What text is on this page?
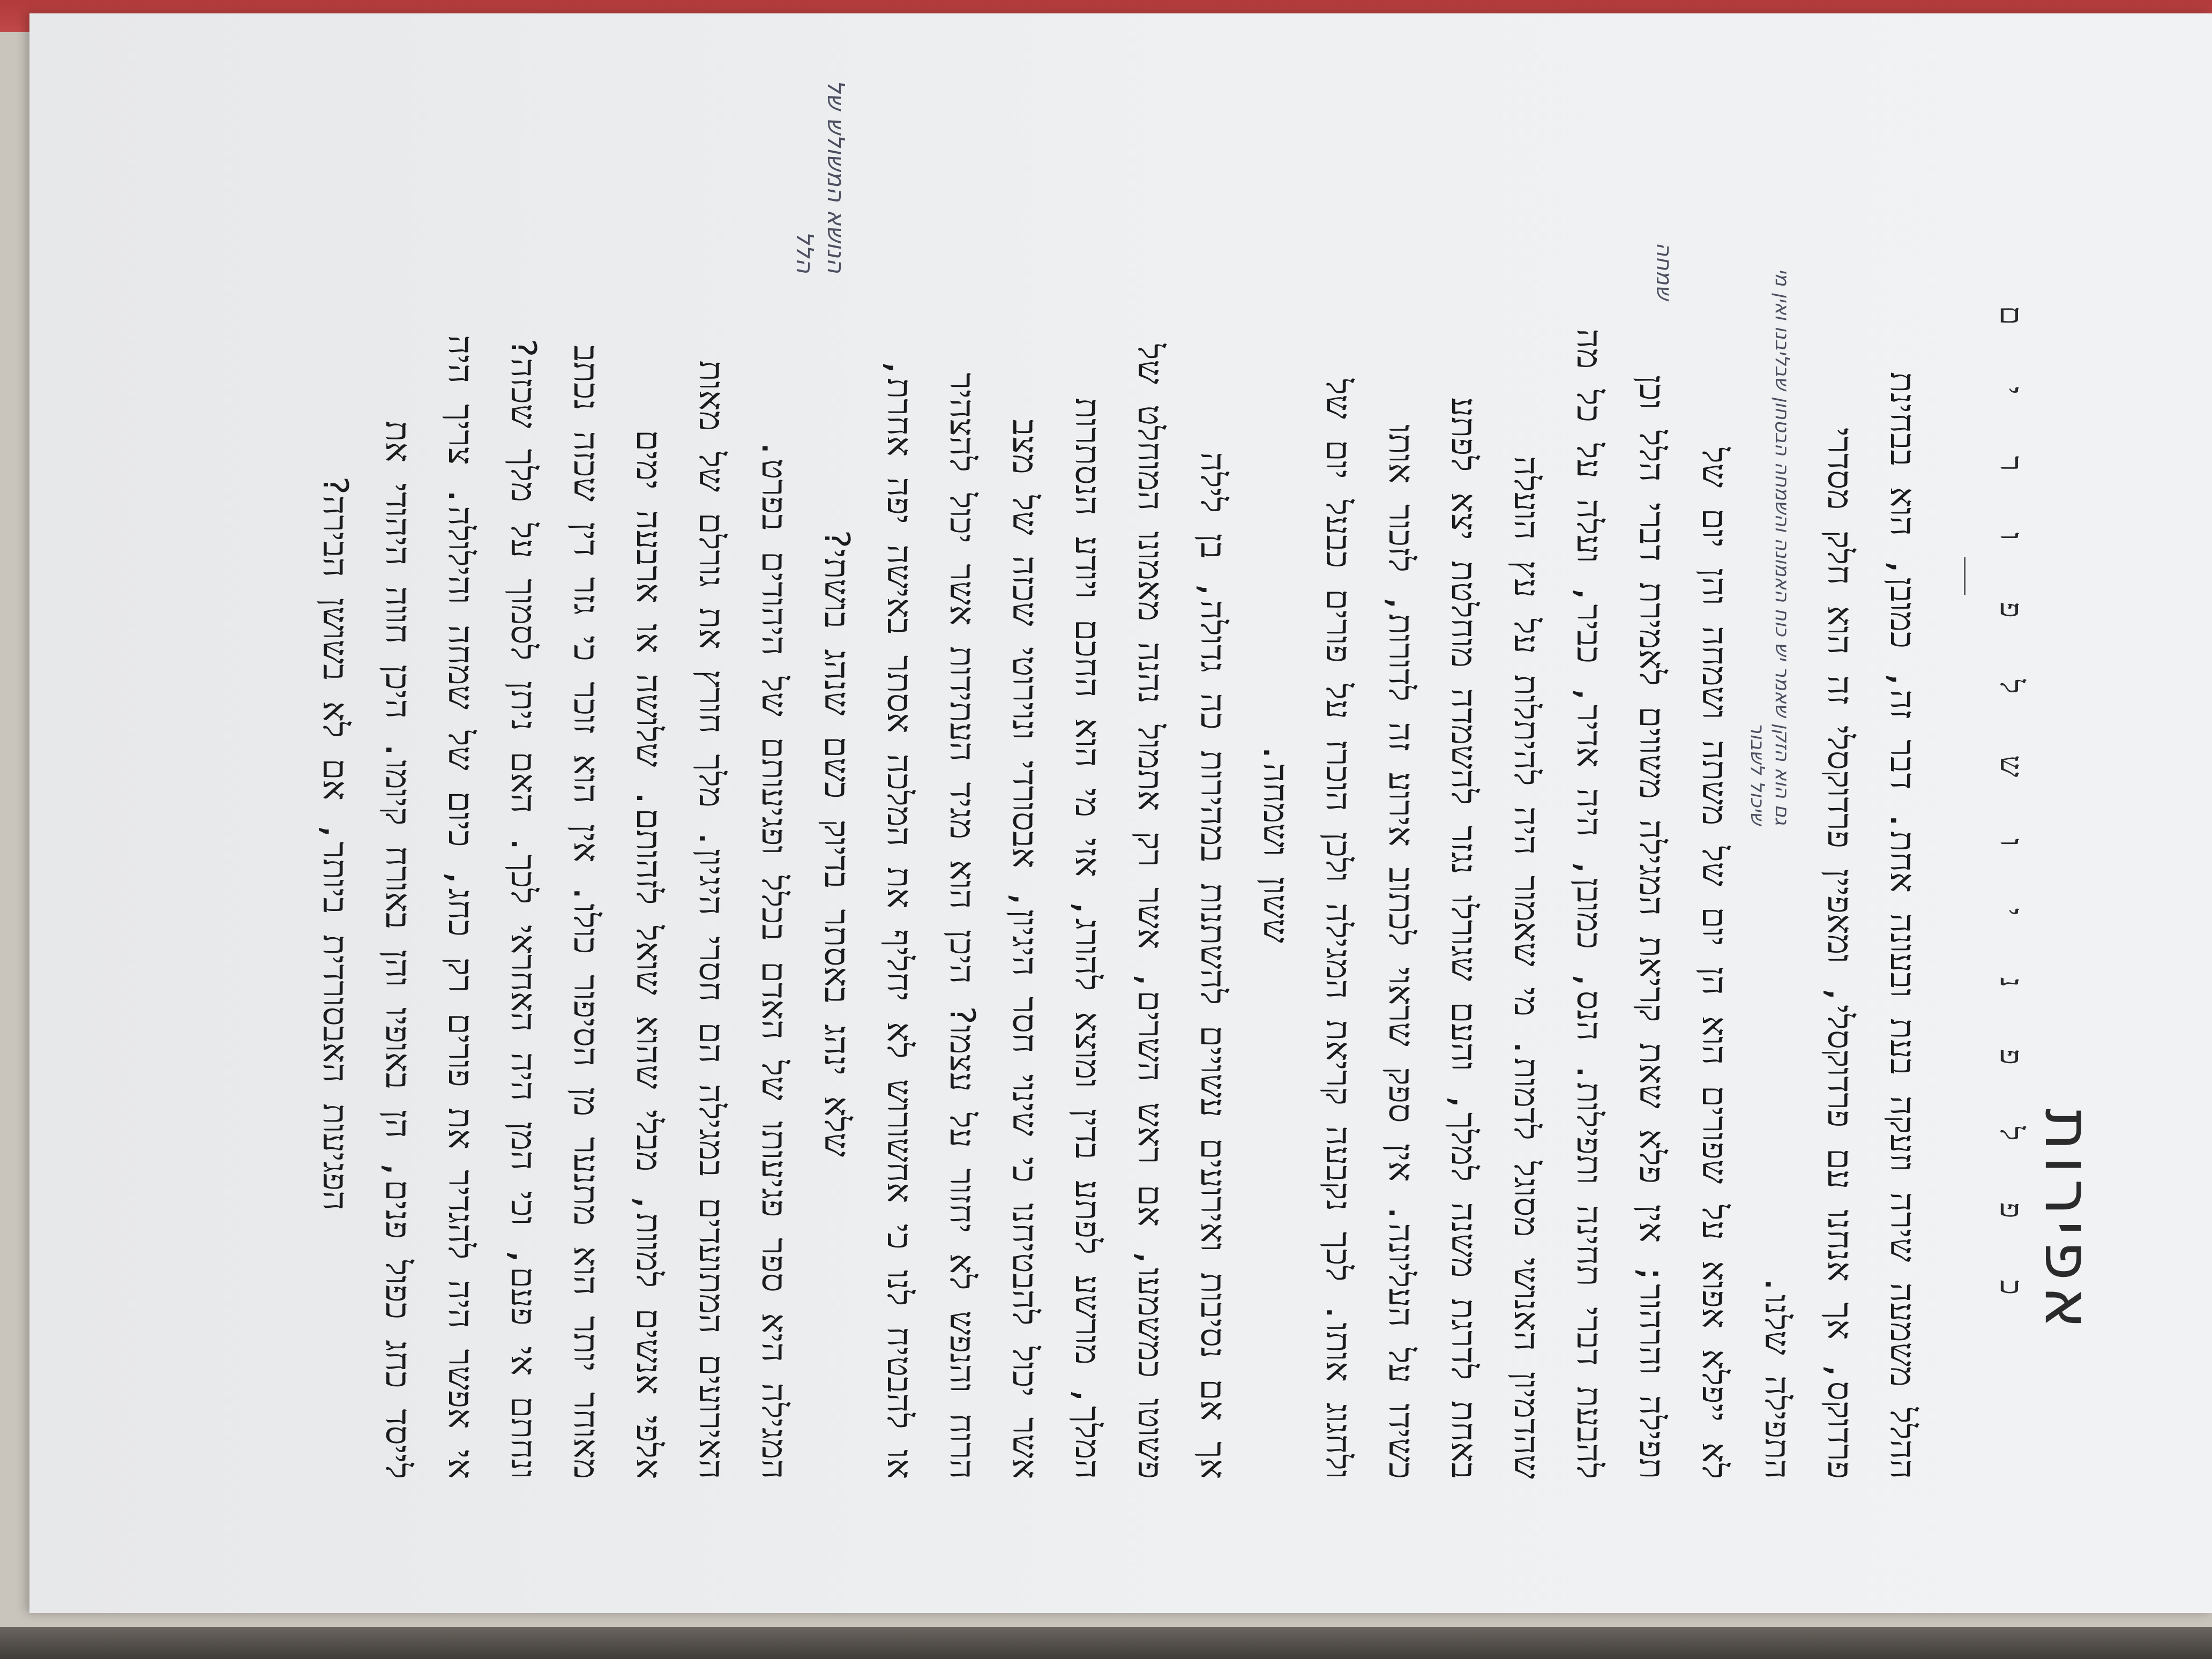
אפירות
כ פ ל פ נ י ו ש ל פ ו ר י ם
ההלל משמעה שירה וזעקה בעת ובעונה אחת. דבר זה, כמובן, הוא בבחינת
פרדוקס, אך אנחנו עם פרדוקסלי, ומאפיין פרדוקסלי זה הוא חלק מסדרי
התפילה שלנו.
לא ייפלא אפוא על שפורים הוא הן יום של משתה ושמחה והן יום של
תפילה והרהור; אין פלא שאת קריאת המגילה משווים לאמירת דברי הלל וכן
להבעת דברי תחינה ותפילות. הנס, כמובן, היה אדיר, כביר, ועלה על כל מה
שהדמיון האנושי מסוגל לדמות. מי שאמור היה להיתלות על עץ הועלה
באחת לדרגת משנה למלך, והעם שגורלו נגזר להשמדה מוחלטת יצא לפתע
כשידו על העליונה. אין ספק שראוי לכתוב אירוע זה לדורות, לזכור אותו
ולחגוג אותו. לכך נקבעה קריאת המגילה ולכן הוכרז על פורים כבעל יום של
ששון ושמחה.
אך אם נסיבות ואירועים עשויים להשתנות במהירות כה גדולה, בן לילה
פשוטו כמשמעו, אם ראש השרים, אשר רק אתמול נהנה מאמונו המוחלט של
המלך, מורשע לפתע בדין ומוצא להורג, אזי מי הוא החכם ויודע הנסתרות
אשר יכול להבטיחנו כי שינוי חסר היגיון, אבסורדי ונוירוטי שכזה של מצב
הרוח והנפש לא יחזור על עצמו? היכן הוא מגיד העתידות אשר יכול להצהיר
או להבטיח לנו כי אחשורוש לא יחליף את המלכה אסתר באישה יפה אחרת,
שלא ינהג באסתר בדיוק כשם שנהג בושתי?
המגילה היא ספר פגיעותו של האדם בכלל ופגיעותם של היהודים בפרט.
האירועים המתועדים במגילה הם חסרי היגיון. מלך חורץ את גורלם של מאות
אלפי אנשים למוות, מבלי שהוא שואל לזהותם. שלושה או ארבעה ימים
מאוחר יותר הוא מתנער מן הסיפור כולו. אין הוא זוכר כי גזר דין שכזה נכתב
ונחתם אי פעם, וכי המן היה האחראי לכך. האם ניתן לסמוך על מלך שכזה?
אי אפשר היה להגדיר את פורים רק כחג, כיום של שמחה והילולה. צריך היה
לייסד כחג כפול פנים, הן באופיו והן באורח קיומו. היכן חווה היהודי את
הפגיעות האבסורדית ביותר, אם לא בשושן הבירה?	גם הוא הזקן שאמר יש כוח האמונה והשמחה הבטחון שבליבנו ואין מי שיכול לשבור
שמחה
הנושא המשולש של הלל
